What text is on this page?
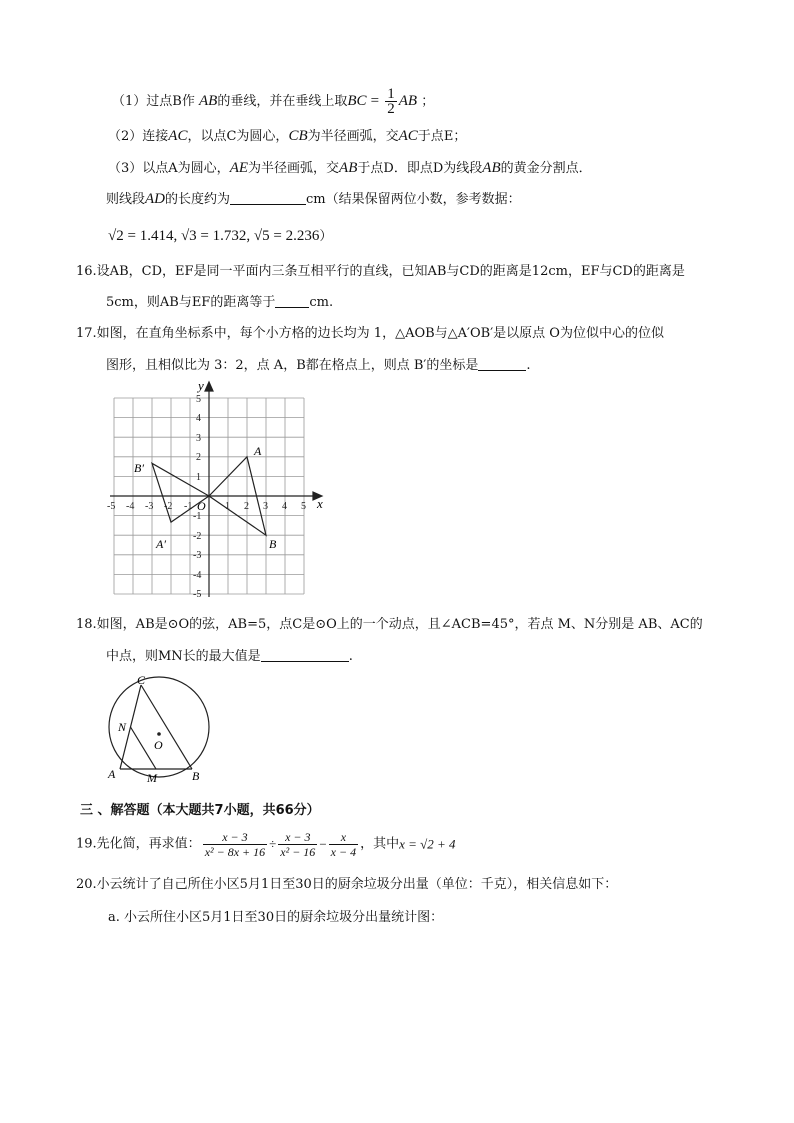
（1）过点B作 AB的垂线，并在垂线上取BC = $\frac{1}{2}$ AB ；
（2）连接AC，以点C为圆心，CB为半径画弧，交AC于点E；
（3）以点A为圆心，AE为半径画弧，交AB于点D．即点D为线段AB的黄金分割点．
则线段AD的长度约为	cm（结果保留两位小数，参考数据：
√2 = 1.414, √3 = 1.732, √5 = 2.236）
16.设AB，CD，EF是同一平面内三条互相平行的直线，已知AB与CD的距离是12cm，EF与CD的距离是
5cm，则AB与EF的距离等于	cm.
17.如图，在直角坐标系中，每个小方格的边长均为 1，△AOB与△A′OB′是以原点 O为位似中心的位似
图形，且相似比为 3：2，点 A，B都在格点上，则点 B′的坐标是	.
x
y
-5 -4 -3 -2 -1	1 2 3 4 5
5
4
3
2
1
-1
-2
-3
-4
-5
O
A
B
A′
B′
18.如图，AB是⊙O的弦，AB=5，点C是⊙O上的一个动点，且∠ACB=45°，若点 M、N分别是 AB、AC的
中点，则MN长的最大值是	.
C
N
O
A	M	B
三 、解答题（本大题共7小题，共66分）
19.先化简，再求值： $\frac{x - 3}{\text{x² − 8x + 16}} \div \frac{x - 3}{\text{x² − 16}} - \frac{x}{x - 4}$ ，其中x = √2 + 4
20.小云统计了自己所住小区5月1日至30日的厨余垃圾分出量（单位：千克），相关信息如下：
a. 小云所住小区5月1日至30日的厨余垃圾分出量统计图：
